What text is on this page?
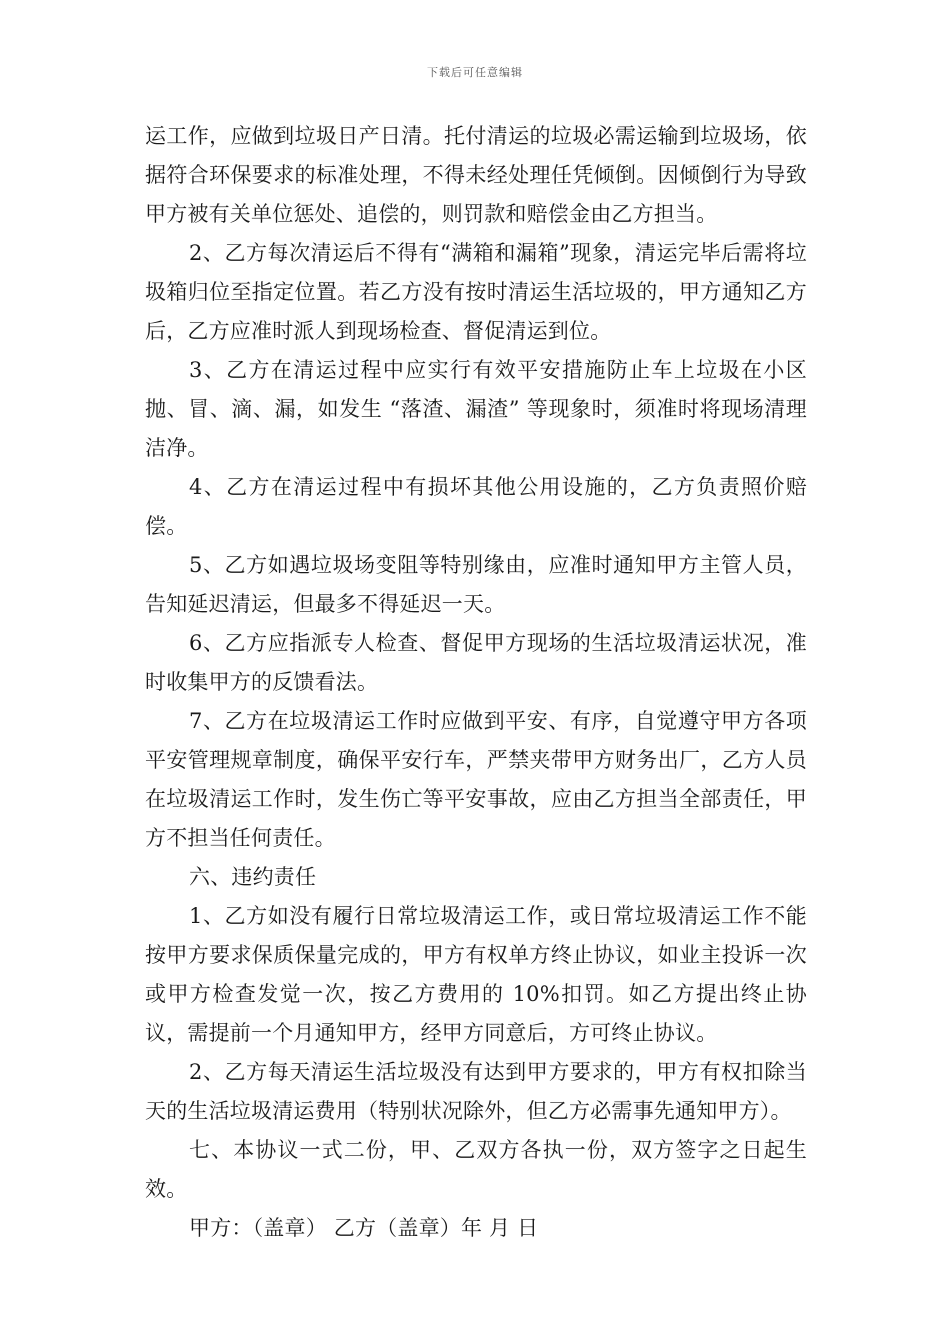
下载后可任意编辑

运工作，应做到垃圾日产日清。托付清运的垃圾必需运输到垃圾场，依据符合环保要求的标准处理，不得未经处理任凭倾倒。因倾倒行为导致甲方被有关单位惩处、追偿的，则罚款和赔偿金由乙方担当。

2、乙方每次清运后不得有“满箱和漏箱”现象，清运完毕后需将垃圾箱归位至指定位置。若乙方没有按时清运生活垃圾的，甲方通知乙方后，乙方应准时派人到现场检查、督促清运到位。

3、乙方在清运过程中应实行有效平安措施防止车上垃圾在小区抛、冒、滴、漏，如发生 “落渣、漏渣” 等现象时，须准时将现场清理洁净。

4、乙方在清运过程中有损坏其他公用设施的，乙方负责照价赔偿。

5、乙方如遇垃圾场变阻等特别缘由，应准时通知甲方主管人员，告知延迟清运，但最多不得延迟一天。

6、乙方应指派专人检查、督促甲方现场的生活垃圾清运状况，准时收集甲方的反馈看法。

7、乙方在垃圾清运工作时应做到平安、有序，自觉遵守甲方各项平安管理规章制度，确保平安行车，严禁夹带甲方财务出厂，乙方人员在垃圾清运工作时，发生伤亡等平安事故，应由乙方担当全部责任，甲方不担当任何责任。

六、违约责任

1、乙方如没有履行日常垃圾清运工作，或日常垃圾清运工作不能按甲方要求保质保量完成的，甲方有权单方终止协议，如业主投诉一次或甲方检查发觉一次，按乙方费用的 10%扣罚。如乙方提出终止协议，需提前一个月通知甲方，经甲方同意后，方可终止协议。

2、乙方每天清运生活垃圾没有达到甲方要求的，甲方有权扣除当天的生活垃圾清运费用（特别状况除外，但乙方必需事先通知甲方）。

七、本协议一式二份，甲、乙双方各执一份，双方签字之日起生效。

甲方：（盖章） 乙方（盖章）年 月 日
